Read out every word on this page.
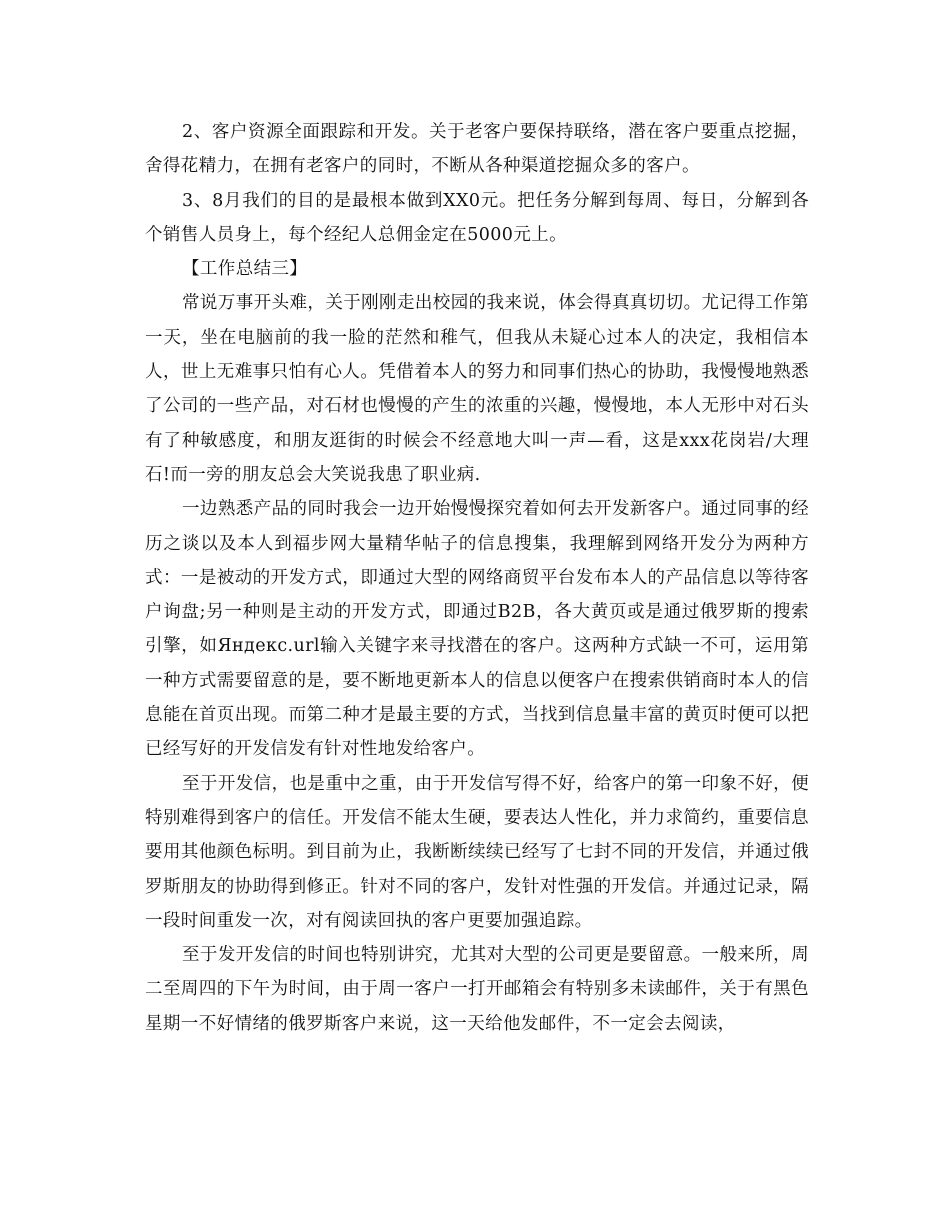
2、客户资源全面跟踪和开发。关于老客户要保持联络，潜在客户要重点挖掘，舍得花精力，在拥有老客户的同时，不断从各种渠道挖掘众多的客户。

3、8月我们的目的是最根本做到XX0元。把任务分解到每周、每日，分解到各个销售人员身上，每个经纪人总佣金定在5000元上。

【工作总结三】

常说万事开头难，关于刚刚走出校园的我来说，体会得真真切切。尤记得工作第一天，坐在电脑前的我一脸的茫然和稚气，但我从未疑心过本人的决定，我相信本人，世上无难事只怕有心人。凭借着本人的努力和同事们热心的协助，我慢慢地熟悉了公司的一些产品，对石材也慢慢的产生的浓重的兴趣，慢慢地，本人无形中对石头有了种敏感度，和朋友逛街的时候会不经意地大叫一声—看，这是xxx花岗岩/大理石!而一旁的朋友总会大笑说我患了职业病.

一边熟悉产品的同时我会一边开始慢慢探究着如何去开发新客户。通过同事的经历之谈以及本人到福步网大量精华帖子的信息搜集，我理解到网络开发分为两种方式：一是被动的开发方式，即通过大型的网络商贸平台发布本人的产品信息以等待客户询盘;另一种则是主动的开发方式，即通过B2B，各大黄页或是通过俄罗斯的搜索引擎，如Яндекс.url输入关键字来寻找潜在的客户。这两种方式缺一不可，运用第一种方式需要留意的是，要不断地更新本人的信息以便客户在搜索供销商时本人的信息能在首页出现。而第二种才是最主要的方式，当找到信息量丰富的黄页时便可以把已经写好的开发信发有针对性地发给客户。

至于开发信，也是重中之重，由于开发信写得不好，给客户的第一印象不好，便特别难得到客户的信任。开发信不能太生硬，要表达人性化，并力求简约，重要信息要用其他颜色标明。到目前为止，我断断续续已经写了七封不同的开发信，并通过俄罗斯朋友的协助得到修正。针对不同的客户，发针对性强的开发信。并通过记录，隔一段时间重发一次，对有阅读回执的客户更要加强追踪。

至于发开发信的时间也特别讲究，尤其对大型的公司更是要留意。一般来所，周二至周四的下午为时间，由于周一客户一打开邮箱会有特别多未读邮件，关于有黑色星期一不好情绪的俄罗斯客户来说，这一天给他发邮件，不一定会去阅读，
